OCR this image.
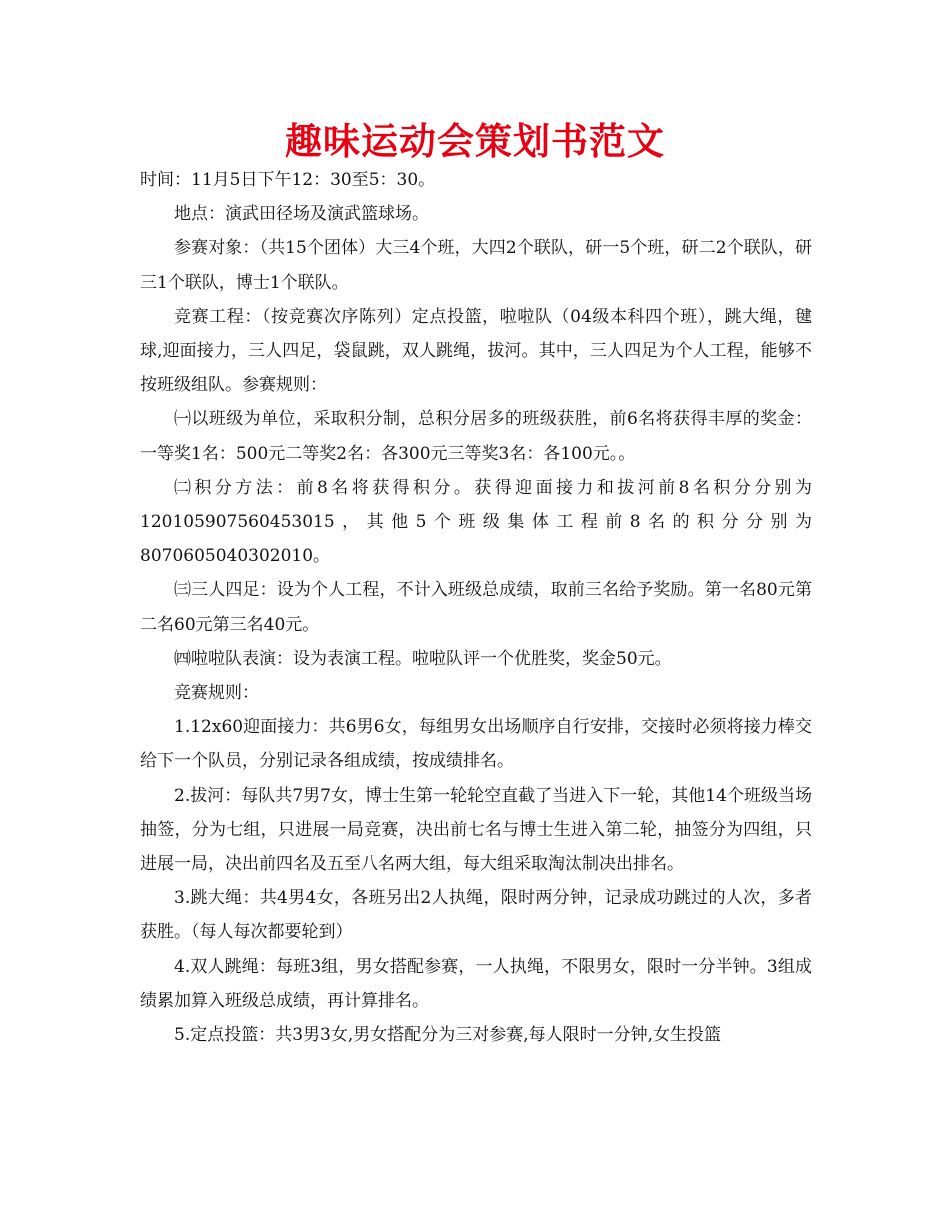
趣味运动会策划书范文

时间：11月5日下午12：30至5：30。

地点：演武田径场及演武篮球场。

参赛对象：（共15个团体）大三4个班，大四2个联队，研一5个班，研二2个联队，研三1个联队，博士1个联队。

竞赛工程：（按竞赛次序陈列）定点投篮，啦啦队（04级本科四个班），跳大绳，毽球,迎面接力，三人四足，袋鼠跳，双人跳绳，拔河。其中，三人四足为个人工程，能够不按班级组队。参赛规则：

㈠以班级为单位，采取积分制，总积分居多的班级获胜，前6名将获得丰厚的奖金：一等奖1名：500元二等奖2名：各300元三等奖3名：各100元。。

㈡积分方法：前8名将获得积分。获得迎面接力和拔河前8名积分分别为120105907560453015，其他5个班级集体工程前8名的积分分别为8070605040302010。

㈢三人四足：设为个人工程，不计入班级总成绩，取前三名给予奖励。第一名80元第二名60元第三名40元。

㈣啦啦队表演：设为表演工程。啦啦队评一个优胜奖，奖金50元。

竞赛规则：

1.12x60迎面接力：共6男6女，每组男女出场顺序自行安排，交接时必须将接力棒交给下一个队员，分别记录各组成绩，按成绩排名。

2.拔河：每队共7男7女，博士生第一轮轮空直截了当进入下一轮，其他14个班级当场抽签，分为七组，只进展一局竞赛，决出前七名与博士生进入第二轮，抽签分为四组，只进展一局，决出前四名及五至八名两大组，每大组采取淘汰制决出排名。

3.跳大绳：共4男4女，各班另出2人执绳，限时两分钟，记录成功跳过的人次，多者获胜。（每人每次都要轮到）

4.双人跳绳：每班3组，男女搭配参赛，一人执绳，不限男女，限时一分半钟。3组成绩累加算入班级总成绩，再计算排名。

5.定点投篮：共3男3女,男女搭配分为三对参赛,每人限时一分钟,女生投篮
